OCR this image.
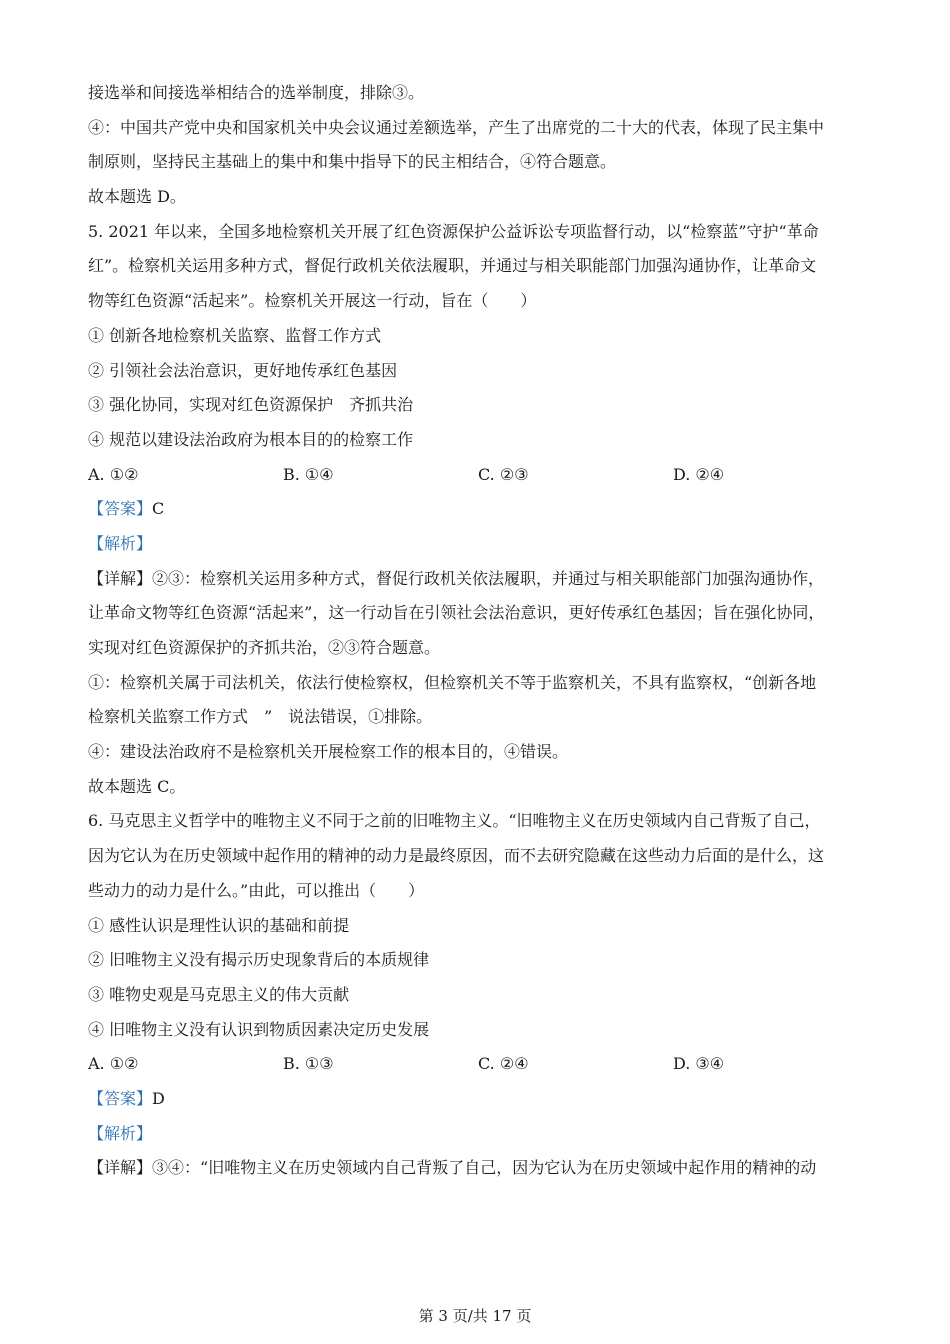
接选举和间接选举相结合的选举制度，排除③。
④：中国共产党中央和国家机关中央会议通过差额选举，产生了出席党的二十大的代表，体现了民主集中
制原则，坚持民主基础上的集中和集中指导下的民主相结合，④符合题意。
故本题选 D。
5. 2021 年以来，全国多地检察机关开展了红色资源保护公益诉讼专项监督行动，以“检察蓝”守护“革命
红”。检察机关运用多种方式，督促行政机关依法履职，并通过与相关职能部门加强沟通协作，让革命文
物等红色资源“活起来”。检察机关开展这一行动，旨在（　　）
① 创新各地检察机关监察、监督工作方式
② 引领社会法治意识，更好地传承红色基因
③ 强化协同，实现对红色资源保护　齐抓共治
④ 规范以建设法治政府为根本目的的检察工作
A. ①②	B. ①④	C. ②③	D. ②④
【答案】C
【解析】
【详解】②③：检察机关运用多种方式，督促行政机关依法履职，并通过与相关职能部门加强沟通协作，
让革命文物等红色资源“活起来”，这一行动旨在引领社会法治意识，更好传承红色基因；旨在强化协同，
实现对红色资源保护的齐抓共治，②③符合题意。
①：检察机关属于司法机关，依法行使检察权，但检察机关不等于监察机关，不具有监察权，“创新各地
检察机关监察工作方式　”　说法错误，①排除。
④：建设法治政府不是检察机关开展检察工作的根本目的，④错误。
故本题选 C。
6. 马克思主义哲学中的唯物主义不同于之前的旧唯物主义。“旧唯物主义在历史领域内自己背叛了自己，
因为它认为在历史领域中起作用的精神的动力是最终原因，而不去研究隐藏在这些动力后面的是什么，这
些动力的动力是什么。”由此，可以推出（　　）
① 感性认识是理性认识的基础和前提
② 旧唯物主义没有揭示历史现象背后的本质规律
③ 唯物史观是马克思主义的伟大贡献
④ 旧唯物主义没有认识到物质因素决定历史发展
A. ①②	B. ①③	C. ②④	D. ③④
【答案】D
【解析】
【详解】③④：“旧唯物主义在历史领域内自己背叛了自己，因为它认为在历史领域中起作用的精神的动
第 3 页/共 17 页
